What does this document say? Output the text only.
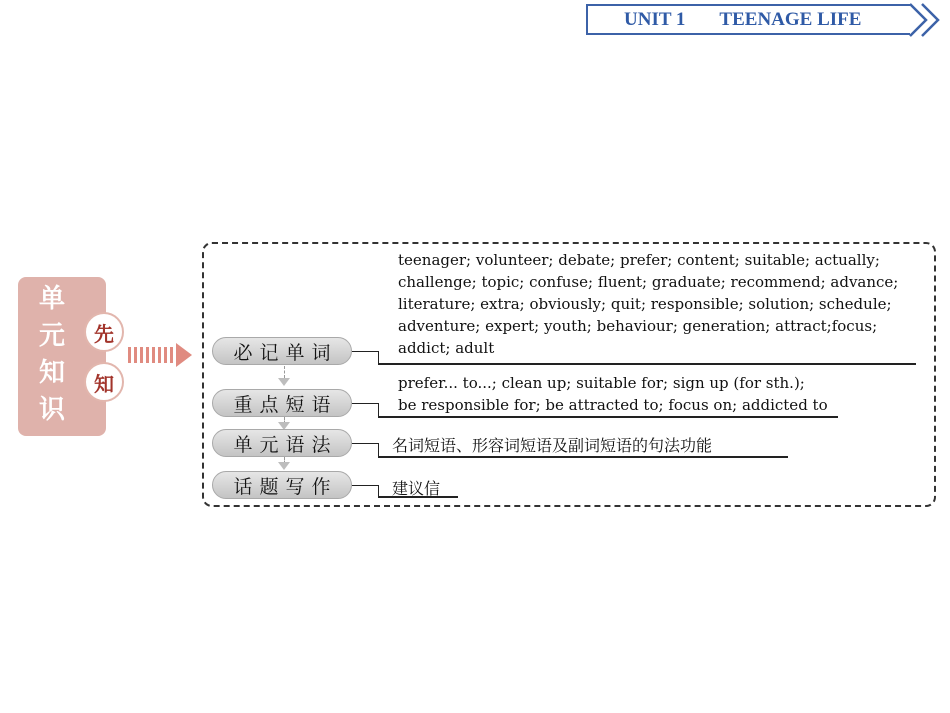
UNIT 1 TEENAGE LIFE
单
元
知
识
先
知
必记单词
重点短语
单元语法
话题写作
teenager; volunteer; debate; prefer; content; suitable; actually;
challenge; topic; confuse; fluent; graduate; recommend; advance;
literature; extra; obviously; quit; responsible; solution; schedule;
adventure; expert; youth; behaviour; generation; attract;focus;
addict; adult
prefer... to...; clean up; suitable for; sign up (for sth.);
be responsible for; be attracted to; focus on; addicted to
名词短语、形容词短语及副词短语的句法功能
建议信
